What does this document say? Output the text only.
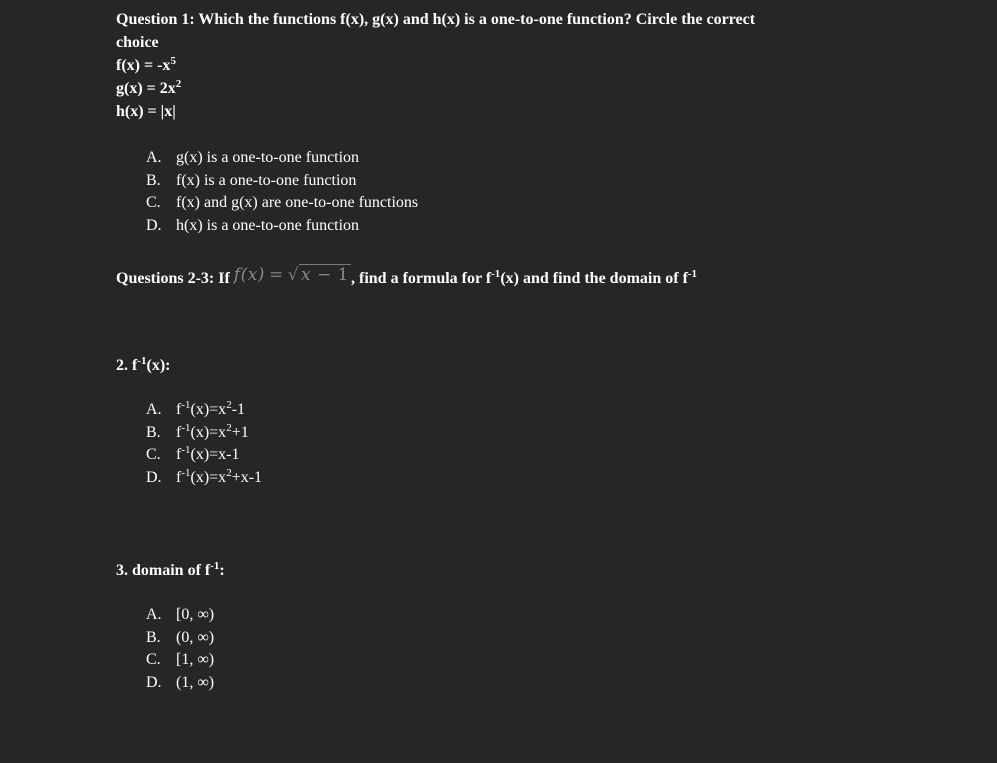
Question 1: Which the functions f(x), g(x) and h(x) is a one-to-one function? Circle the correct
choice
$f(x) = -x^5$
$g(x) = 2x^2$
h(x) = |x|
A. g(x) is a one-to-one function
B. f(x) is a one-to-one function
C. f(x) and g(x) are one-to-one functions
D. h(x) is a one-to-one function
Questions 2-3: If f(x) = √ x − 1 , find a formula for $f^{-1}(x)$ and find the domain of $f^{-1}$
2. $f^{-1}(x)$:
A. $f^{-1}(x)=x^2-1$
B. $f^{-1}(x)=x^2+1$
C. $f^{-1}(x)=x-1$
D. $f^{-1}(x)=x^2+x-1$
3. domain of $f^{-1}$:
A. [0, ∞)
B. (0, ∞)
C. [1, ∞)
D. (1, ∞)
